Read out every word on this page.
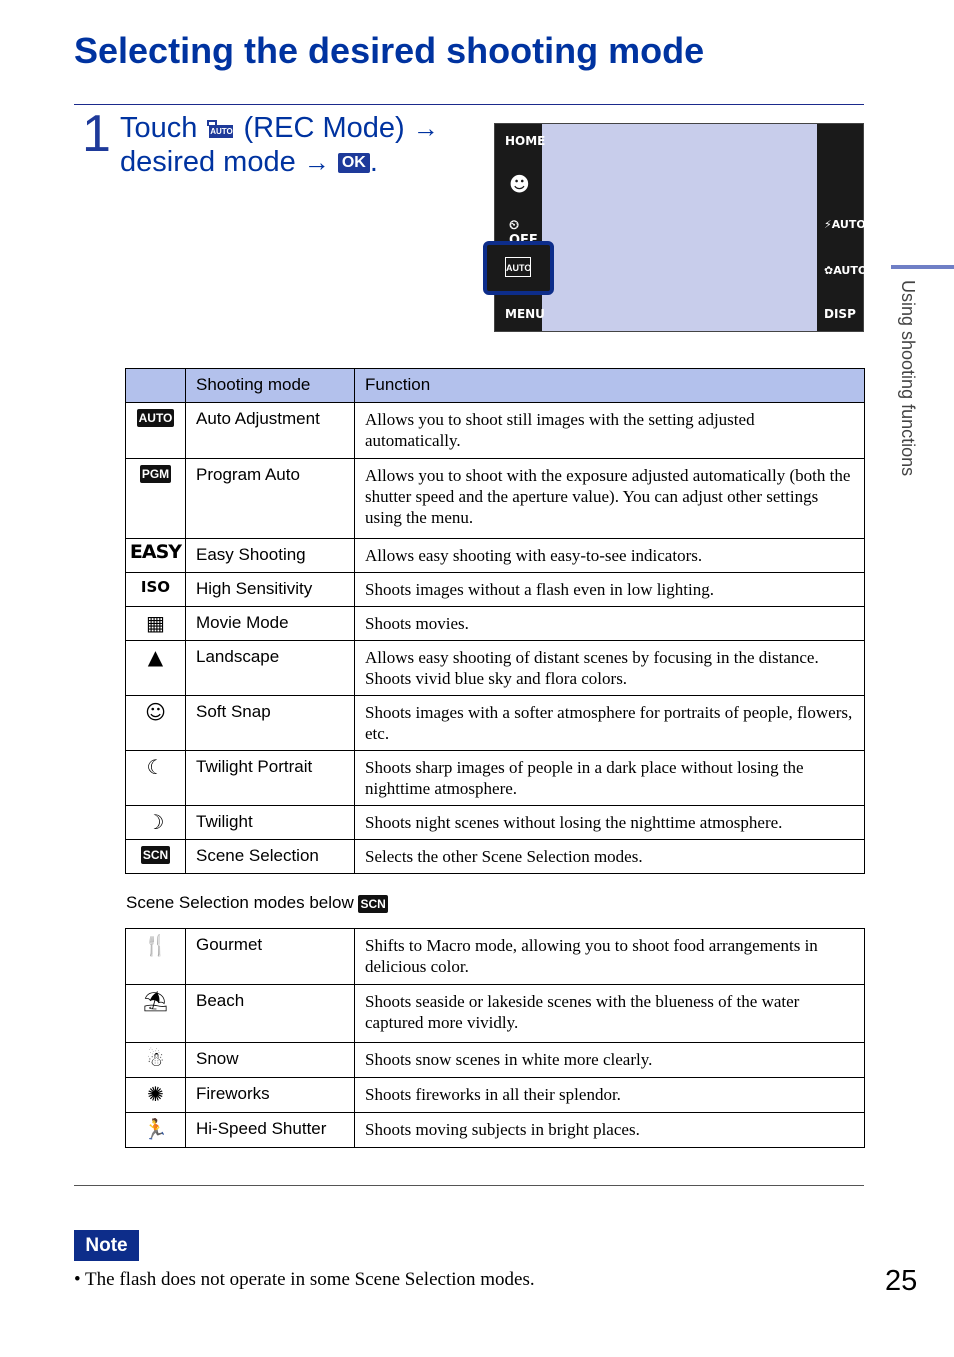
Selecting the desired shooting mode
1 Touch AUTO (REC Mode) →
desired mode → OK .
HOME
☻
⏲
MENU
⚡AUTO
✿AUTO
DISP
AUTO
Using shooting functions
	Shooting mode	Function
AUTO	Auto Adjustment	Allows you to shoot still images with the setting adjusted automatically.
PGM	Program Auto	Allows you to shoot with the exposure adjusted automatically (both the shutter speed and the aperture value). You can adjust other settings using the menu.
EASY	Easy Shooting	Allows easy shooting with easy-to-see indicators.
ISO	High Sensitivity	Shoots images without a flash even in low lighting.
▦	Movie Mode	Shoots movies.
▲	Landscape	Allows easy shooting of distant scenes by focusing in the distance. Shoots vivid blue sky and flora colors.
☺	Soft Snap	Shoots images with a softer atmosphere for portraits of people, flowers, etc.
☾	Twilight Portrait	Shoots sharp images of people in a dark place without losing the nighttime atmosphere.
☽	Twilight	Shoots night scenes without losing the nighttime atmosphere.
SCN	Scene Selection	Selects the other Scene Selection modes.
Scene Selection modes below SCN
🍴	Gourmet	Shifts to Macro mode, allowing you to shoot food arrangements in delicious color.
⛱	Beach	Shoots seaside or lakeside scenes with the blueness of the water captured more vividly.
☃	Snow	Shoots snow scenes in white more clearly.
✺	Fireworks	Shoots fireworks in all their splendor.
🏃	Hi-Speed Shutter	Shoots moving subjects in bright places.
Note
• The flash does not operate in some Scene Selection modes.	25
